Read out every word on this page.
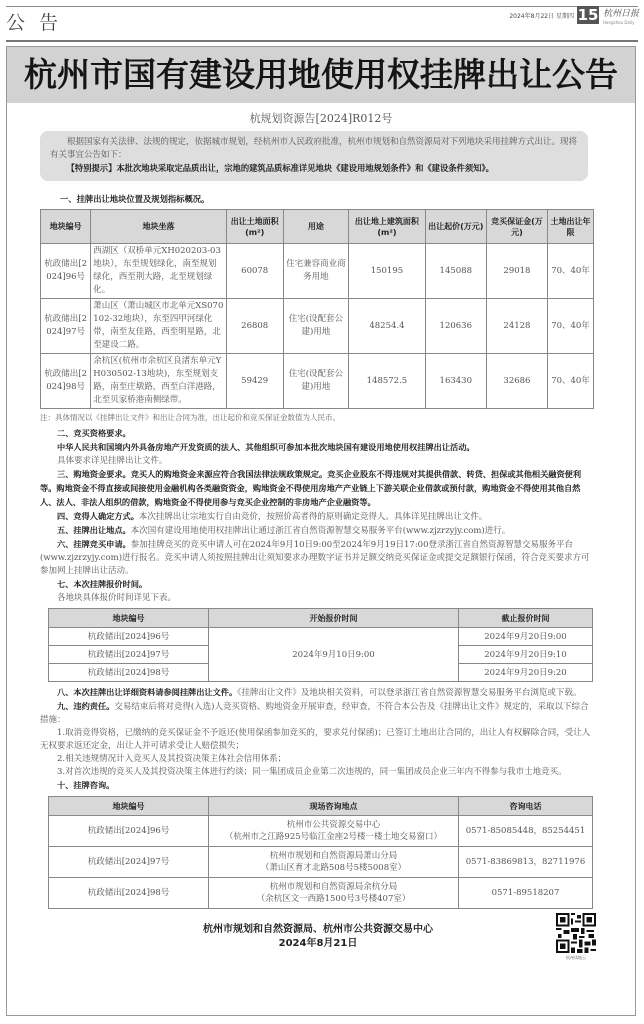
公告	2024年8月22日 星期四 15 杭州日报
Hangzhou Daily
杭州市国有建设用地使用权挂牌出让公告
杭规划资源告[2024]R012号

根据国家有关法律、法规的规定，依据城市规划，经杭州市人民政府批准，杭州市规划和自然资源局对下列地块采用挂牌方式出让。现将有关事宜公告如下：

【特别提示】本批次地块采取定品质出让，宗地的建筑品质标准详见地块《建设用地规划条件》和《建设条件须知》。

一、挂牌出让地块位置及规划指标概况。
地块编号	地块坐落	出让土地面积(m²)	用途	出让地上建筑面积(m²)	出让起价(万元)	竞买保证金(万元)	土地出让年限
杭政储出[2024]96号	西湖区（双桥单元XH020203-03地块），东至规划绿化，南至规划绿化，西至荆大路，北至规划绿化。	60078	住宅兼容商业商务用地	150195	145088	29018	70、40年
杭政储出[2024]97号	萧山区（萧山城区市北单元XS070102-32地块），东至四甲河绿化带，南至友佳路，西至明星路，北至建设二路。	26808	住宅(设配套公建)用地	48254.4	120636	24128	70、40年
杭政储出[2024]98号	余杭区(杭州市余杭区良渚东单元YH030502-13地块)，东至规划支路，南至庄墩路，西至白洋港路，北至贝家桥港南侧绿带。	59429	住宅(设配套公建)用地	148572.5	163430	32686	70、40年
注：具体情况以《挂牌出让文件》和出让合同为准，出让起价和竞买保证金数值为人民币。

二、竞买资格要求。

中华人民共和国境内外具备房地产开发资质的法人、其他组织可参加本批次地块国有建设用地使用权挂牌出让活动。

具体要求详见挂牌出让文件。

三、购地资金要求。竞买人的购地资金来源应符合我国法律法规政策规定。竞买企业股东不得违规对其提供借款、转贷、担保或其他相关融资便利等。购地资金不得直接或间接使用金融机构各类融资资金，购地资金不得使用房地产产业链上下游关联企业借款或预付款，购地资金不得使用其他自然人、法人、非法人组织的借款，购地资金不得使用参与竞买企业控制的非房地产企业融资等。

四、竞得人确定方式。本次挂牌出让宗地实行自由竞价，按照价高者得的原则确定竞得人。具体详见挂牌出让文件。

五、挂牌出让地点。本次国有建设用地使用权挂牌出让通过浙江省自然资源智慧交易服务平台(www.zjzrzyjy.com)进行。

六、挂牌竞买申请。参加挂牌竞买的竞买申请人可在2024年9月10日9:00至2024年9月19日17:00登录浙江省自然资源智慧交易服务平台(www.zjzrzyjy.com)进行报名。竞买申请人须按照挂牌出让须知要求办理数字证书并足额交纳竞买保证金或提交足额银行保函，符合竞买要求方可参加网上挂牌出让活动。

七、本次挂牌报价时间。

各地块具体报价时间详见下表。

地块编号	开始报价时间	截止报价时间
杭政储出[2024]96号	2024年9月10日9:00	2024年9月20日9:00
杭政储出[2024]97号		2024年9月20日9:10
杭政储出[2024]98号		2024年9月20日9:20

八、本次挂牌出让详细资料请参阅挂牌出让文件。《挂牌出让文件》及地块相关资料，可以登录浙江省自然资源智慧交易服务平台浏览或下载。

九、违约责任。交易结束后将对竞得(入选)人竞买资格、购地资金开展审查，经审查，不符合本公告及《挂牌出让文件》规定的，采取以下综合措施：

1.取消竞得资格，已缴纳的竞买保证金不予返还(使用保函参加竞买的，要求兑付保函)；已签订土地出让合同的，出让人有权解除合同，受让人无权要求返还定金，出让人并可请求受让人赔偿损失；

2.相关违规情况计入竞买人及其投资决策主体社会信用体系；

3.对首次违规的竞买人及其投资决策主体进行约谈；同一集团成员企业第二次违规的，同一集团成员企业三年内不得参与我市土地竞买。

十、挂牌咨询。

地块编号	现场咨询地点	咨询电话
杭政储出[2024]96号	杭州市公共资源交易中心
（杭州市之江路925号临江金座2号楼一楼土地交易窗口）	0571-85085448，85254451
杭政储出[2024]97号	杭州市规划和自然资源局萧山分局
（萧山区育才北路508号5楼5008室）	0571-83869813，82711976
杭政储出[2024]98号	杭州市规划和自然资源局余杭分局
（余杭区文一西路1500号3号楼407室）	0571-89518207
杭州市规划和自然资源局、杭州市公共资源交易中心
2024年8月21日
杭州读地云
